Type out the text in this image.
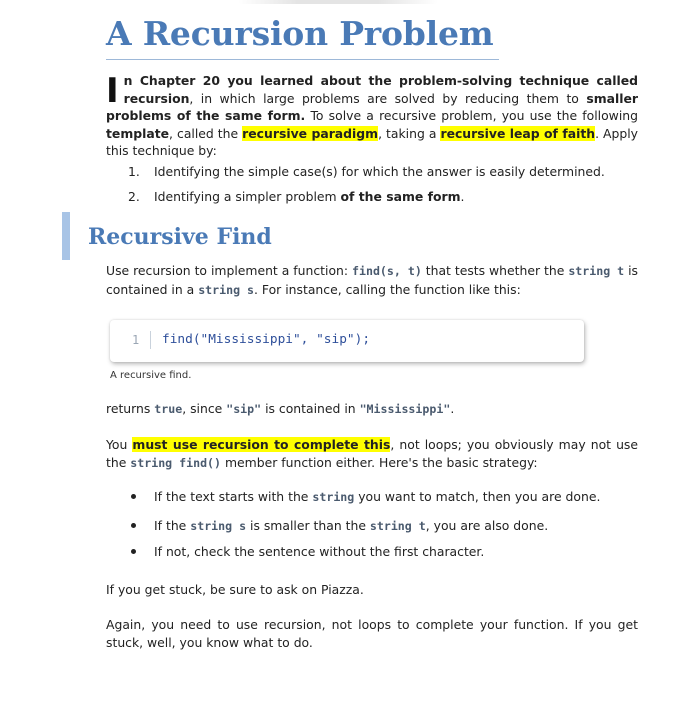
A Recursion Problem

In Chapter 20 you learned about the problem-solving technique called recursion, in which large problems are solved by reducing them to smaller problems of the same form. To solve a recursive problem, you use the following template, called the recursive paradigm, taking a recursive leap of faith. Apply this technique by:

1. Identifying the simple case(s) for which the answer is easily determined.
2. Identifying a simpler problem of the same form.
Recursive Find

Use recursion to implement a function: find(s, t) that tests whether the string t is contained in a string s. For instance, calling the function like this:

1 find("Mississippi", "sip");

A recursive find.

returns true, since "sip" is contained in "Mississippi".

You must use recursion to complete this, not loops; you obviously may not use the string find() member function either. Here's the basic strategy:

If the text starts with the string you want to match, then you are done.
If the string s is smaller than the string t, you are also done.
If not, check the sentence without the first character.

If you get stuck, be sure to ask on Piazza.

Again, you need to use recursion, not loops to complete your function. If you get stuck, well, you know what to do.
